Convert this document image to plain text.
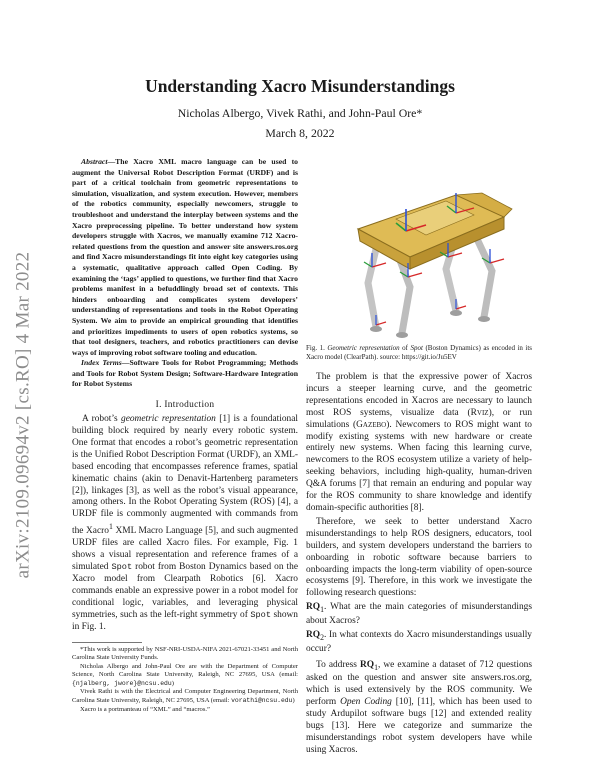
arXiv:2109.09694v2 [cs.RO] 4 Mar 2022
Understanding Xacro Misunderstandings
Nicholas Albergo, Vivek Rathi, and John-Paul Ore*
March 8, 2022

Abstract—The Xacro XML macro language can be used to augment the Universal Robot Description Format (URDF) and is part of a critical toolchain from geometric representations to simulation, visualization, and system execution. However, members of the robotics community, especially newcomers, struggle to troubleshoot and understand the interplay between systems and the Xacro preprocessing pipeline. To better understand how system developers struggle with Xacros, we manually examine 712 Xacro-related questions from the question and answer site answers.ros.org and find Xacro misunderstandings fit into eight key categories using a systematic, qualitative approach called Open Coding. By examining the ‘tags’ applied to questions, we further find that Xacro problems manifest in a befuddlingly broad set of contexts. This hinders onboarding and complicates system developers’ understanding of representations and tools in the Robot Operating System. We aim to provide an empirical grounding that identifies and prioritizes impediments to users of open robotics systems, so that tool designers, teachers, and robotics practitioners can devise ways of improving robot software tooling and education.

Index Terms—Software Tools for Robot Programming; Methods and Tools for Robot System Design; Software-Hardware Integration for Robot Systems

I. Introduction

A robot’s geometric representation [1] is a foundational building block required by nearly every robotic system. One format that encodes a robot’s geometric representation is the Unified Robot Description Format (URDF), an XML-based encoding that encompasses reference frames, spatial kinematic chains (akin to Denavit-Hartenberg parameters [2]), linkages [3], as well as the robot’s visual appearance, among others. In the Robot Operating System (ROS) [4], a URDF file is commonly augmented with commands from the Xacro$^1$ XML Macro Language [5], and such augmented URDF files are called Xacro files. For example, Fig. 1 shows a visual representation and reference frames of a simulated Spot robot from Boston Dynamics based on the Xacro model from Clearpath Robotics [6]. Xacro commands enable an expressive power in a robot model for conditional logic, variables, and leveraging physical symmetries, such as the left-right symmetry of Spot shown in Fig. 1.

*This work is supported by NSF-NRI-USDA-NIFA 2021-67021-33451 and North Carolina State University Funds.

Nicholas Albergo and John-Paul Ore are with the Department of Computer Science, North Carolina State University, Raleigh, NC 27695, USA (email: {njalberg, jwore}@ncsu.edu)

Vivek Rathi is with the Electrical and Computer Engineering Department, North Carolina State University, Raleigh, NC 27695, USA (email: vorathi@ncsu.edu)

Xacro is a portmanteau of “XML” and “macros.”

Fig. 1. Geometric representation of Spot (Boston Dynamics) as encoded in its Xacro model (ClearPath). source: https://git.io/Ju5EV

The problem is that the expressive power of Xacros incurs a steeper learning curve, and the geometric representations encoded in Xacros are necessary to launch most ROS systems, visualize data (Rviz), or run simulations (Gazebo). Newcomers to ROS might want to modify existing systems with new hardware or create entirely new systems. When facing this learning curve, newcomers to the ROS ecosystem utilize a variety of help-seeking behaviors, including high-quality, human-driven Q&A forums [7] that remain an enduring and popular way for the ROS community to share knowledge and identify domain-specific authorities [8].

Therefore, we seek to better understand Xacro misunderstandings to help ROS designers, educators, tool builders, and system developers understand the barriers to onboarding in robotic software because barriers to onboarding impacts the long-term viability of open-source ecosystems [9]. Therefore, in this work we investigate the following research questions:

$RQ_1$. What are the main categories of misunderstandings about Xacros?

$RQ_2$. In what contexts do Xacro misunderstandings usually occur?

To address $RQ_1$, we examine a dataset of 712 questions asked on the question and answer site answers.ros.org, which is used extensively by the ROS community. We perform Open Coding [10], [11], which has been used to study Ardupilot software bugs [12] and extended reality bugs [13]. Here we categorize and summarize the misunderstandings robot system developers have while using Xacros.
